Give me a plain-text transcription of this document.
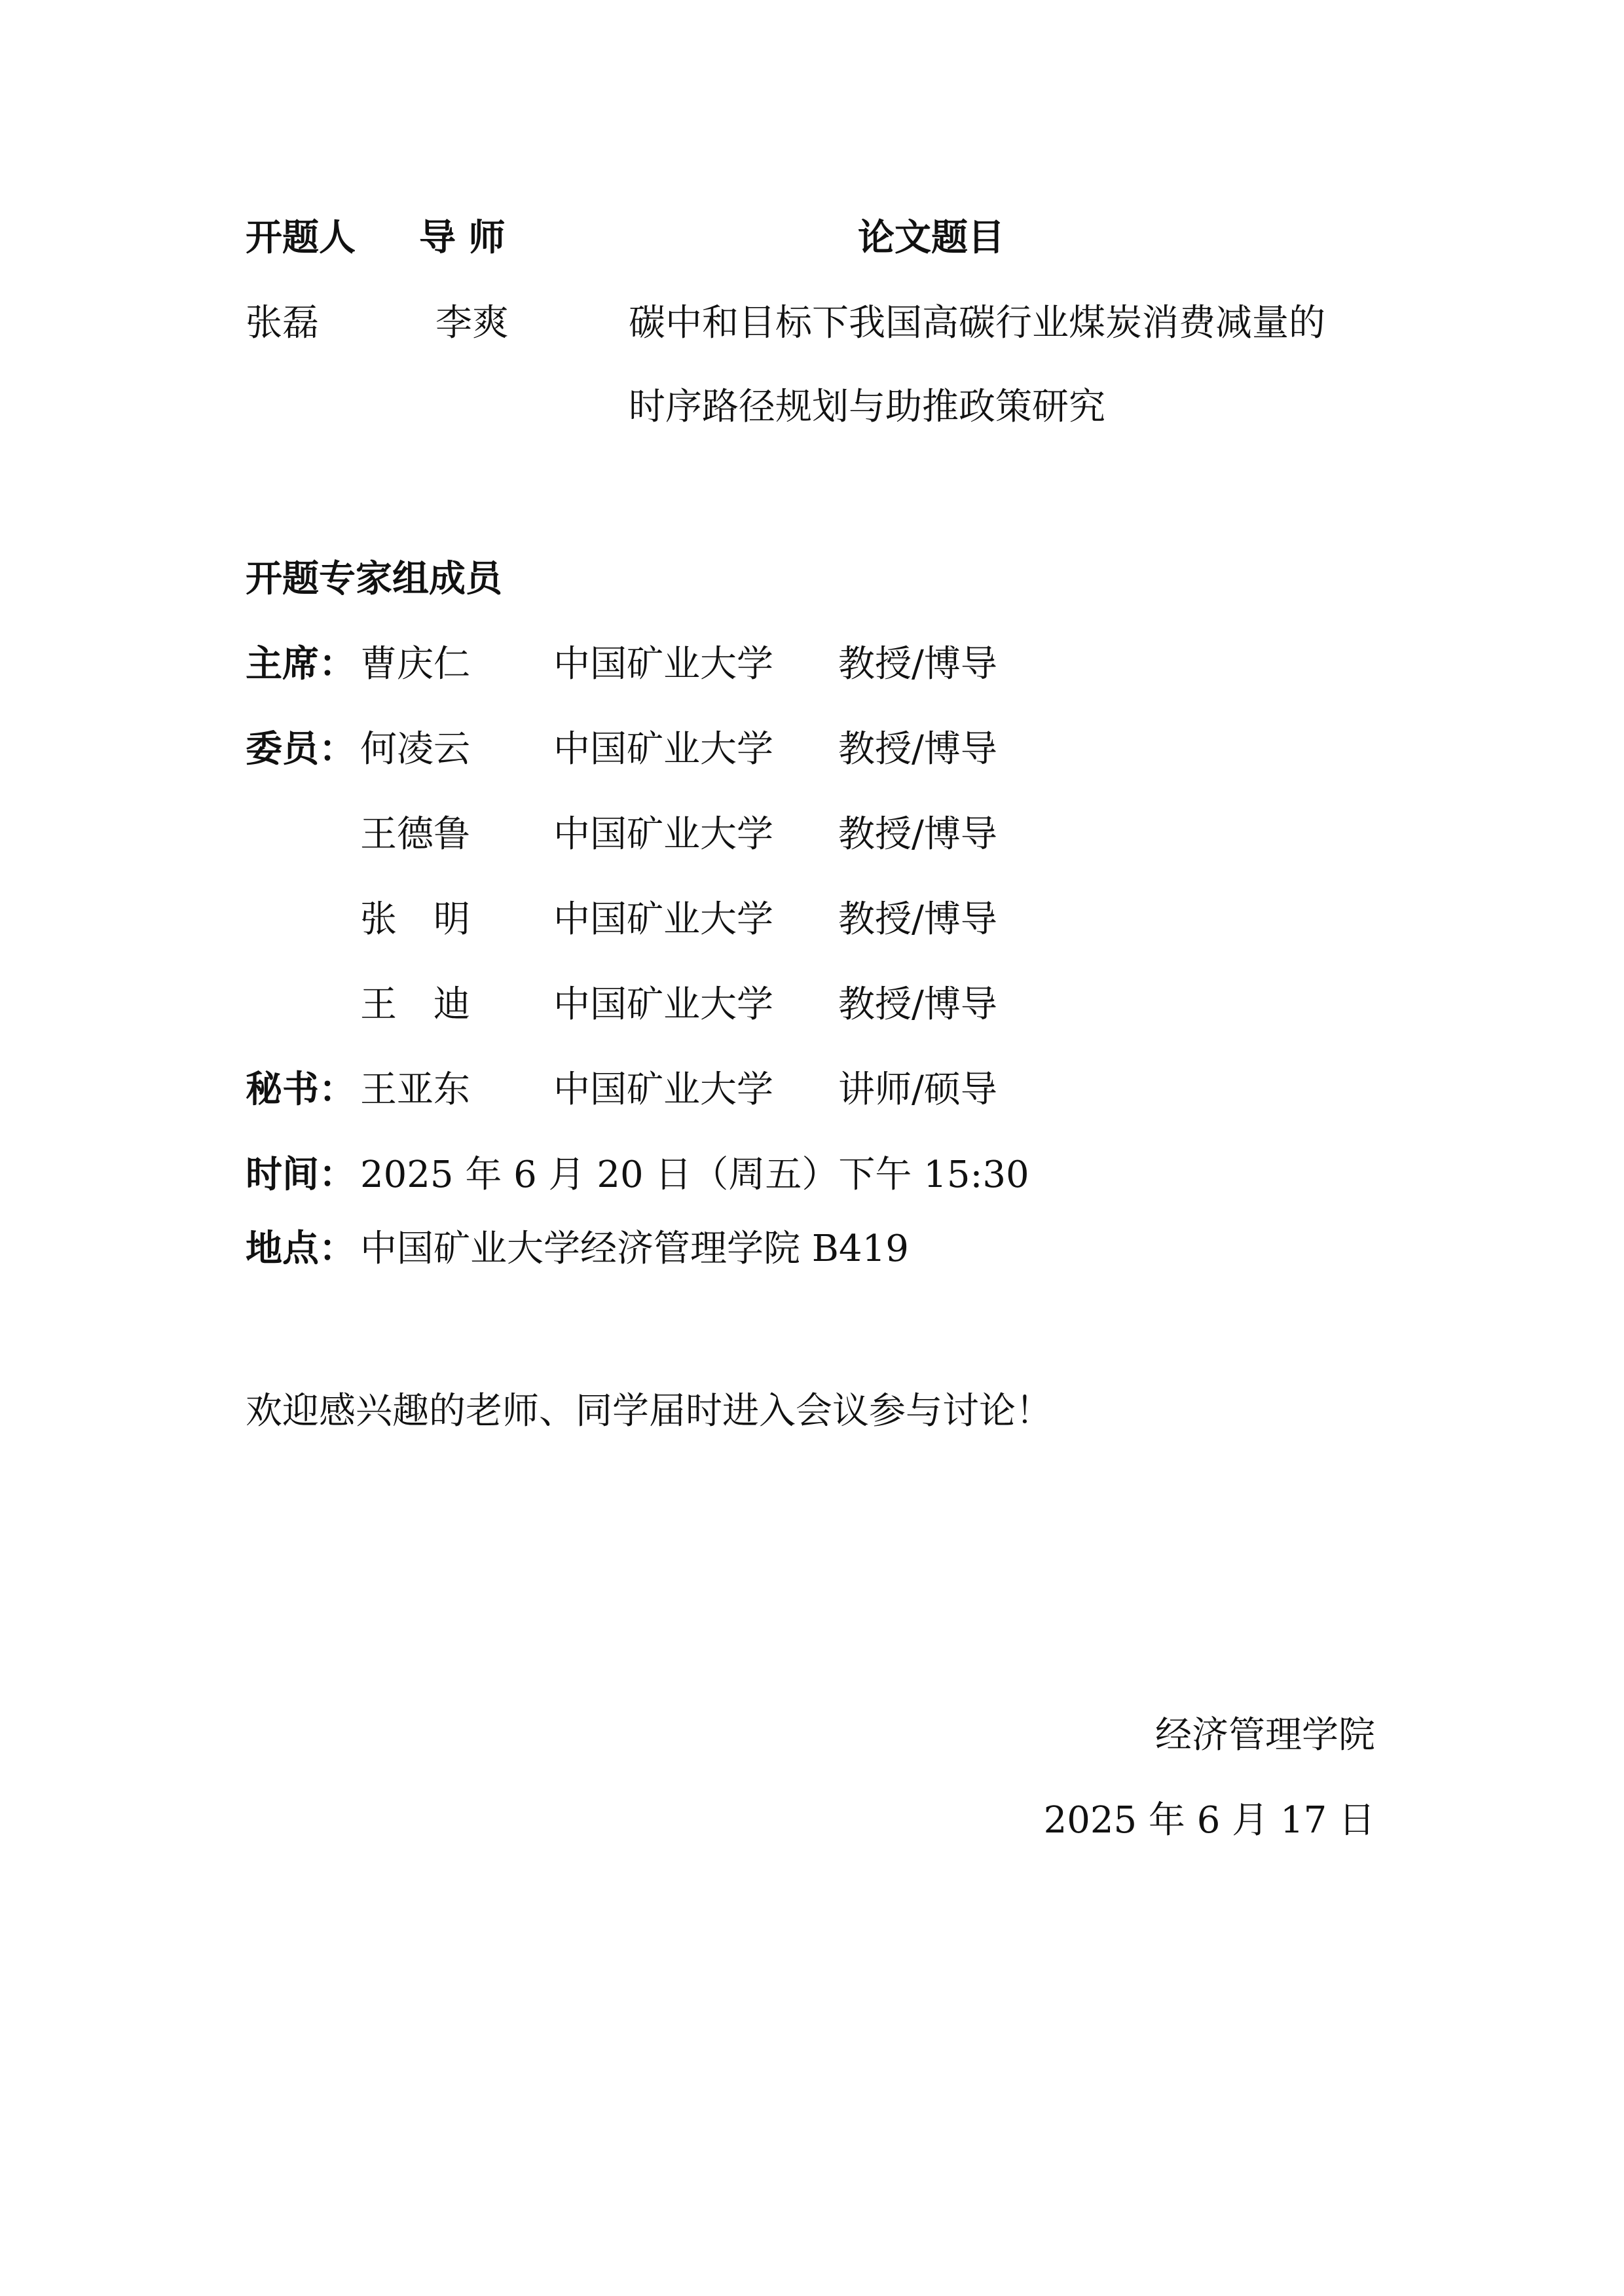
开题人 导 师	论文题目
张磊	李爽	碳中和目标下我国高碳行业煤炭消费减量的
时序路径规划与助推政策研究
开题专家组成员
主席： 曹庆仁 中国矿业大学 教授/博导
委员： 何凌云 中国矿业大学 教授/博导
王德鲁 中国矿业大学 教授/博导
张　明 中国矿业大学 教授/博导
王　迪 中国矿业大学 教授/博导
秘书： 王亚东 中国矿业大学 讲师/硕导
时间： 2025 年 6 月 20 日（周五）下午 15:30
地点： 中国矿业大学经济管理学院 B419
欢迎感兴趣的老师、同学届时进入会议参与讨论！
经济管理学院
2025 年 6 月 17 日
